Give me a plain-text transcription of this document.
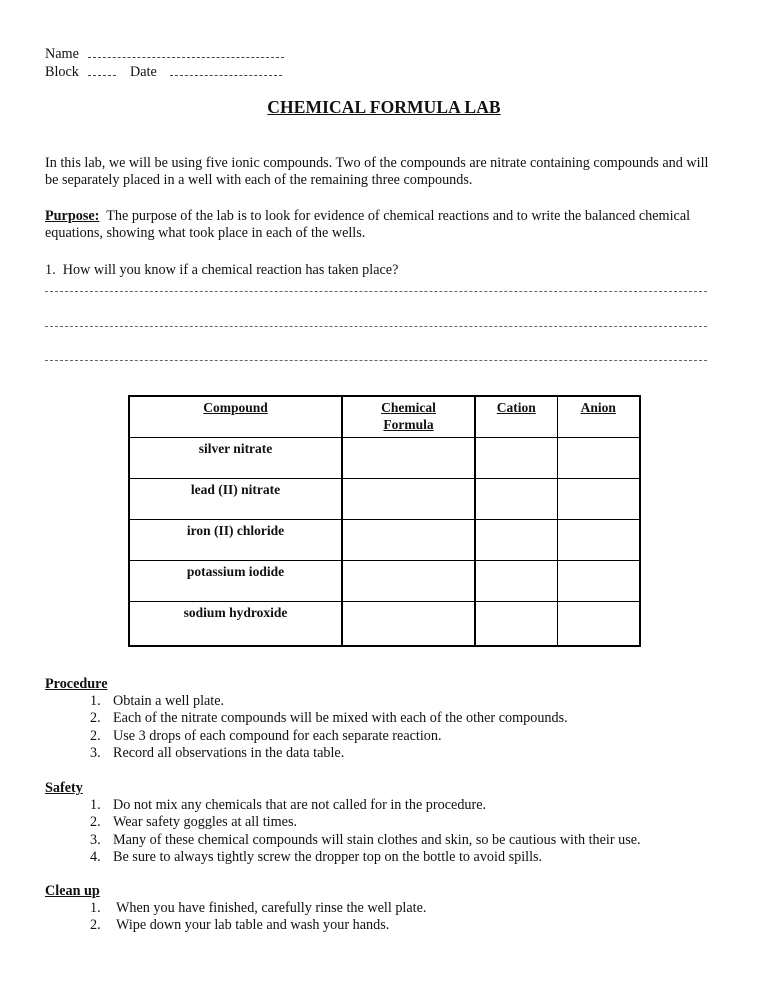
Name
Block	Date
CHEMICAL FORMULA LAB
In this lab, we will be using five ionic compounds. Two of the compounds are nitrate containing compounds and will be separately placed in a well with each of the remaining three compounds.
Purpose: The purpose of the lab is to look for evidence of chemical reactions and to write the balanced chemical equations, showing what took place in each of the wells.
1. How will you know if a chemical reaction has taken place?
Compound	Chemical Formula	Cation	Anion
silver nitrate			
lead (II) nitrate			
iron (II) chloride			
potassium iodide			
sodium hydroxide			
Procedure
1. Obtain a well plate.
2. Each of the nitrate compounds will be mixed with each of the other compounds.
2. Use 3 drops of each compound for each separate reaction.
3. Record all observations in the data table.
Safety
1. Do not mix any chemicals that are not called for in the procedure.
2. Wear safety goggles at all times.
3. Many of these chemical compounds will stain clothes and skin, so be cautious with their use.
4. Be sure to always tightly screw the dropper top on the bottle to avoid spills.
Clean up
1. When you have finished, carefully rinse the well plate.
2. Wipe down your lab table and wash your hands.
